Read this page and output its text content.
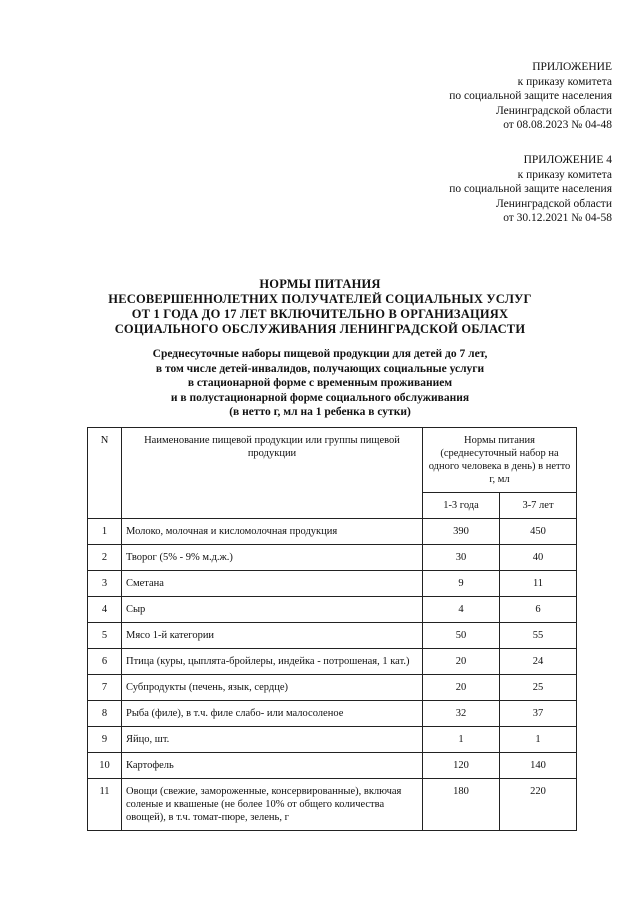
ПРИЛОЖЕНИЕ
к приказу комитета
по социальной защите населения
Ленинградской области
от 08.08.2023 № 04-48
ПРИЛОЖЕНИЕ 4
к приказу комитета
по социальной защите населения
Ленинградской области
от 30.12.2021 № 04-58
НОРМЫ ПИТАНИЯ
НЕСОВЕРШЕННОЛЕТНИХ ПОЛУЧАТЕЛЕЙ СОЦИАЛЬНЫХ УСЛУГ
ОТ 1 ГОДА ДО 17 ЛЕТ ВКЛЮЧИТЕЛЬНО В ОРГАНИЗАЦИЯХ
СОЦИАЛЬНОГО ОБСЛУЖИВАНИЯ ЛЕНИНГРАДСКОЙ ОБЛАСТИ
Среднесуточные наборы пищевой продукции для детей до 7 лет,
в том числе детей-инвалидов, получающих социальные услуги
в стационарной форме с временным проживанием
и в полустационарной форме социального обслуживания
(в нетто г, мл на 1 ребенка в сутки)
N	Наименование пищевой продукции или группы пищевой продукции	Нормы питания (среднесуточный набор на одного человека в день) в нетто г, мл	
		1-3 года	3-7 лет
1	Молоко, молочная и кисломолочная продукция	390	450
2	Творог (5% - 9% м.д.ж.)	30	40
3	Сметана	9	11
4	Сыр	4	6
5	Мясо 1-й категории	50	55
6	Птица (куры, цыплята-бройлеры, индейка - потрошеная, 1 кат.)	20	24
7	Субпродукты (печень, язык, сердце)	20	25
8	Рыба (филе), в т.ч. филе слабо- или малосоленое	32	37
9	Яйцо, шт.	1	1
10	Картофель	120	140
11	Овощи (свежие, замороженные, консервированные), включая соленые и квашеные (не более 10% от общего количества овощей), в т.ч. томат-пюре, зелень, г	180	220
